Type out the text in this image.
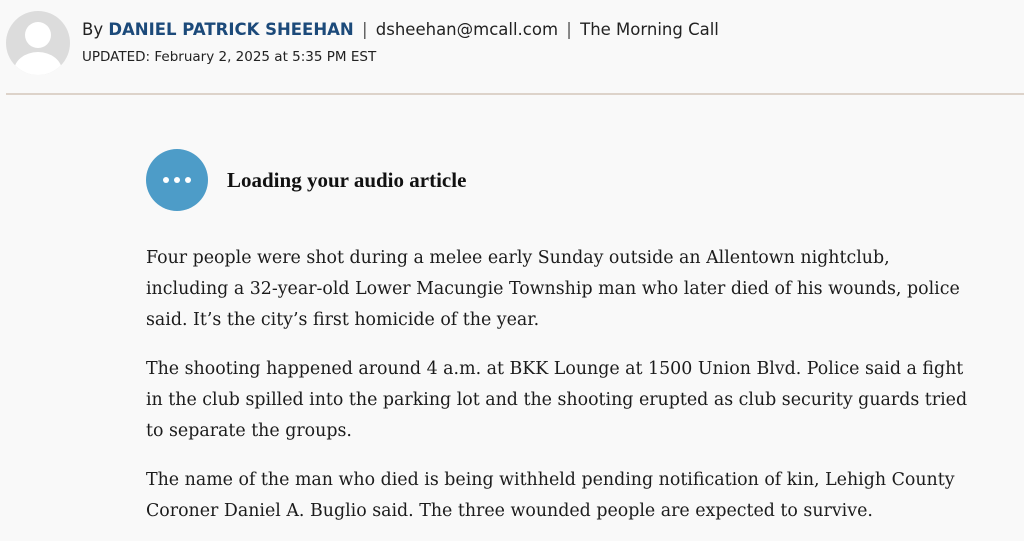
By DANIEL PATRICK SHEEHAN | dsheehan@mcall.com | The Morning Call
UPDATED: February 2, 2025 at 5:35 PM EST
Loading your audio article

Four people were shot during a melee early Sunday outside an Allentown nightclub, including a 32-year-old Lower Macungie Township man who later died of his wounds, police said. It’s the city’s first homicide of the year.

The shooting happened around 4 a.m. at BKK Lounge at 1500 Union Blvd. Police said a fight in the club spilled into the parking lot and the shooting erupted as club security guards tried to separate the groups.

The name of the man who died is being withheld pending notification of kin, Lehigh County Coroner Daniel A. Buglio said. The three wounded people are expected to survive.
